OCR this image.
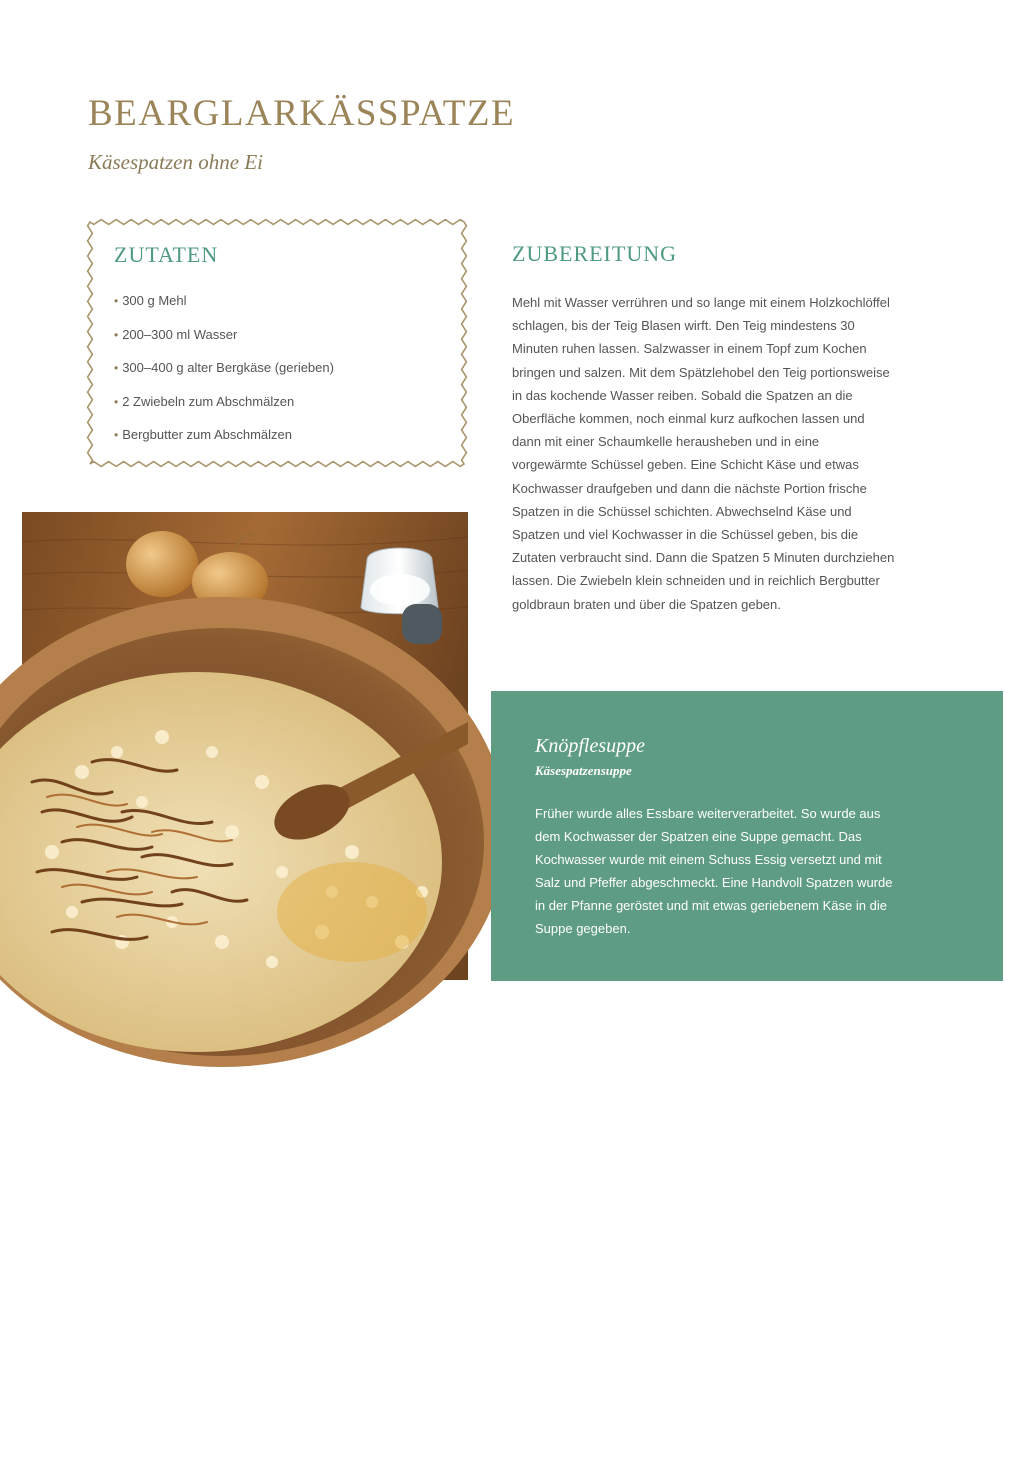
BEARGLARKÄSSPATZE
Käsespatzen ohne Ei
ZUTATEN
• 300 g Mehl
• 200–300 ml Wasser
• 300–400 g alter Bergkäse (gerieben)
• 2 Zwiebeln zum Abschmälzen
• Bergbutter zum Abschmälzen
ZUBEREITUNG

Mehl mit Wasser verrühren und so lange mit einem Holzkochlöffel schlagen, bis der Teig Blasen wirft. Den Teig mindestens 30 Minuten ruhen lassen. Salzwasser in einem Topf zum Kochen bringen und salzen. Mit dem Spätzlehobel den Teig portionsweise in das kochende Wasser reiben. Sobald die Spatzen an die Oberfläche kommen, noch einmal kurz aufkochen lassen und dann mit einer Schaumkelle herausheben und in eine vorgewärmte Schüssel geben. Eine Schicht Käse und etwas Kochwasser draufgeben und dann die nächste Portion frische Spatzen in die Schüssel schichten. Abwechselnd Käse und Spatzen und viel Kochwasser in die Schüssel geben, bis die Zutaten verbraucht sind. Dann die Spatzen 5 Minuten durchziehen lassen. Die Zwiebeln klein schneiden und in reichlich Bergbutter goldbraun braten und über die Spatzen geben.

52
Knöpflesuppe
Käsespatzensuppe

Früher wurde alles Essbare weiterverarbeitet. So wurde aus dem Kochwasser der Spatzen eine Suppe gemacht. Das Kochwasser wurde mit einem Schuss Essig versetzt und mit Salz und Pfeffer abgeschmeckt. Eine Handvoll Spatzen wurde in der Pfanne geröstet und mit etwas geriebenem Käse in die Suppe gegeben.
